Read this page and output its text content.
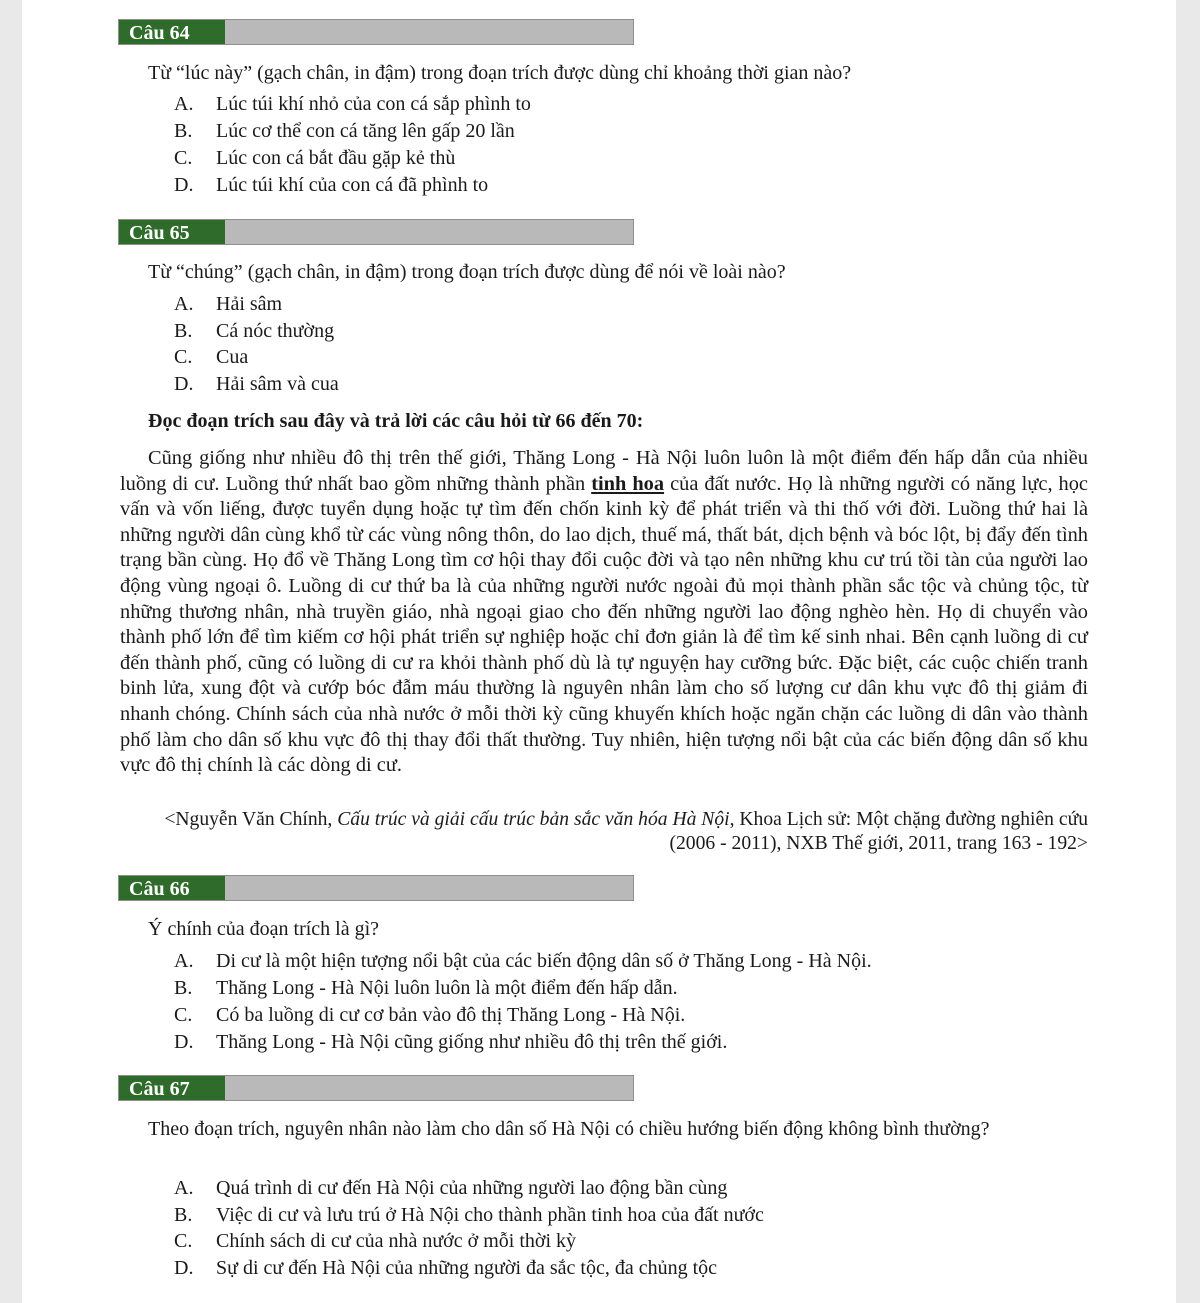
Câu 64
Từ “lúc này” (gạch chân, in đậm) trong đoạn trích được dùng chỉ khoảng thời gian nào?
A. Lúc túi khí nhỏ của con cá sắp phình to
B. Lúc cơ thể con cá tăng lên gấp 20 lần
C. Lúc con cá bắt đầu gặp kẻ thù
D. Lúc túi khí của con cá đã phình to
Câu 65
Từ “chúng” (gạch chân, in đậm) trong đoạn trích được dùng để nói về loài nào?
A. Hải sâm
B. Cá nóc thường
C. Cua
D. Hải sâm và cua
Đọc đoạn trích sau đây và trả lời các câu hỏi từ 66 đến 70:

Cũng giống như nhiều đô thị trên thế giới, Thăng Long - Hà Nội luôn luôn là một điểm đến hấp dẫn của nhiều luồng di cư. Luồng thứ nhất bao gồm những thành phần tinh hoa của đất nước. Họ là những người có năng lực, học vấn và vốn liếng, được tuyển dụng hoặc tự tìm đến chốn kinh kỳ để phát triển và thi thố với đời. Luồng thứ hai là những người dân cùng khổ từ các vùng nông thôn, do lao dịch, thuế má, thất bát, dịch bệnh và bóc lột, bị đẩy đến tình trạng bần cùng. Họ đổ về Thăng Long tìm cơ hội thay đổi cuộc đời và tạo nên những khu cư trú tồi tàn của người lao động vùng ngoại ô. Luồng di cư thứ ba là của những người nước ngoài đủ mọi thành phần sắc tộc và chủng tộc, từ những thương nhân, nhà truyền giáo, nhà ngoại giao cho đến những người lao động nghèo hèn. Họ di chuyển vào thành phố lớn để tìm kiếm cơ hội phát triển sự nghiệp hoặc chỉ đơn giản là để tìm kế sinh nhai. Bên cạnh luồng di cư đến thành phố, cũng có luồng di cư ra khỏi thành phố dù là tự nguyện hay cưỡng bức. Đặc biệt, các cuộc chiến tranh binh lửa, xung đột và cướp bóc đẫm máu thường là nguyên nhân làm cho số lượng cư dân khu vực đô thị giảm đi nhanh chóng. Chính sách của nhà nước ở mỗi thời kỳ cũng khuyến khích hoặc ngăn chặn các luồng di dân vào thành phố làm cho dân số khu vực đô thị thay đổi thất thường. Tuy nhiên, hiện tượng nổi bật của các biến động dân số khu vực đô thị chính là các dòng di cư.

<Nguyễn Văn Chính, Cấu trúc và giải cấu trúc bản sắc văn hóa Hà Nội, Khoa Lịch sử: Một chặng đường nghiên cứu (2006 - 2011), NXB Thế giới, 2011, trang 163 - 192>

Câu 66
Ý chính của đoạn trích là gì?
A. Di cư là một hiện tượng nổi bật của các biến động dân số ở Thăng Long - Hà Nội.
B. Thăng Long - Hà Nội luôn luôn là một điểm đến hấp dẫn.
C. Có ba luồng di cư cơ bản vào đô thị Thăng Long - Hà Nội.
D. Thăng Long - Hà Nội cũng giống như nhiều đô thị trên thế giới.
Câu 67
Theo đoạn trích, nguyên nhân nào làm cho dân số Hà Nội có chiều hướng biến động không bình thường?
A. Quá trình di cư đến Hà Nội của những người lao động bần cùng
B. Việc di cư và lưu trú ở Hà Nội cho thành phần tinh hoa của đất nước
C. Chính sách di cư của nhà nước ở mỗi thời kỳ
D. Sự di cư đến Hà Nội của những người đa sắc tộc, đa chủng tộc
